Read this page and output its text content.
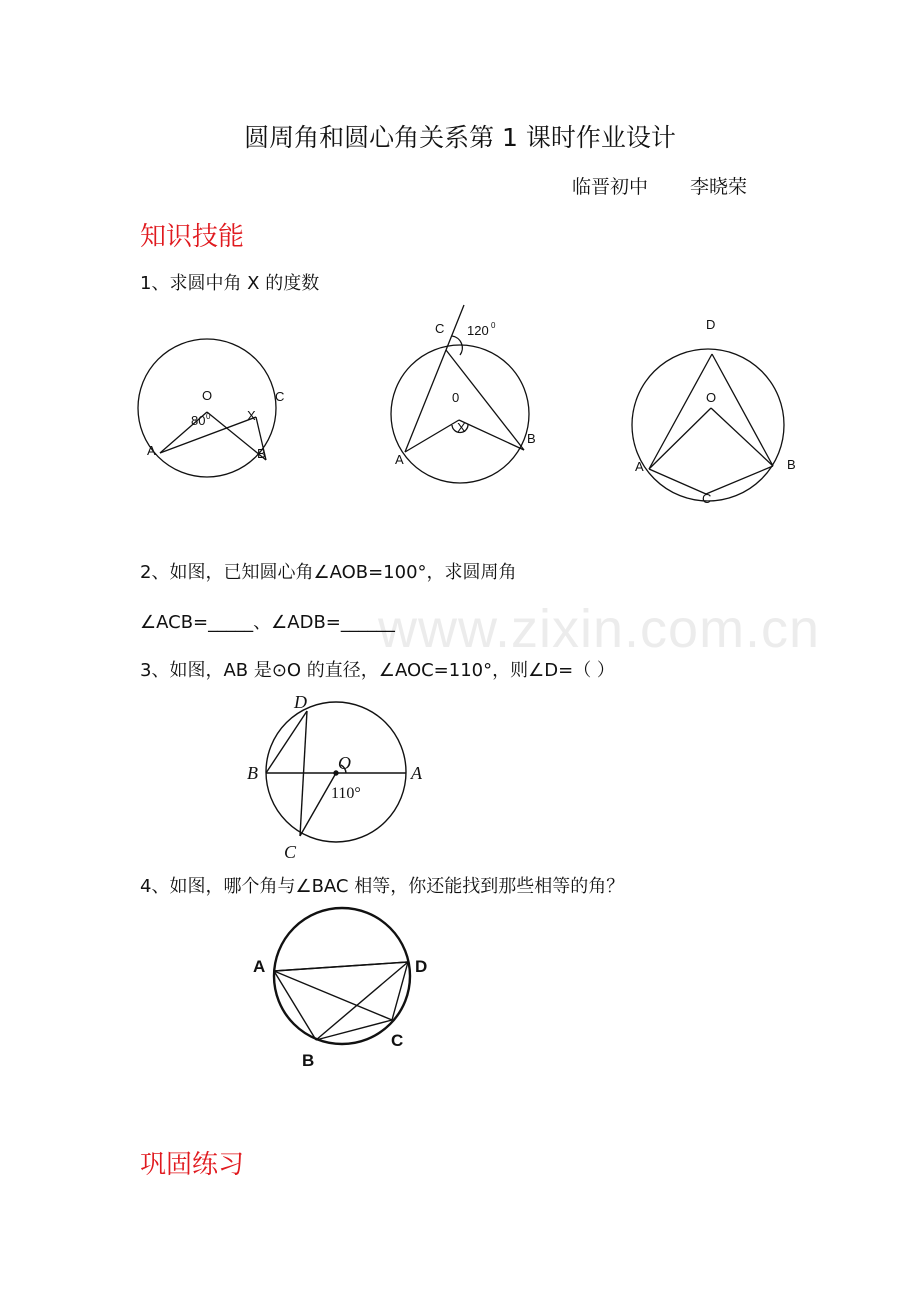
www.zixin.com.cn
圆周角和圆心角关系第 1 课时作业设计
临晋初中 李晓荣
知识技能
1、求圆中角 X 的度数
2、如图，已知圆心角∠AOB=100°，求圆周角
∠ACB=_____、∠ADB=______
3、如图，AB 是⊙O 的直径，∠AOC=110°，则∠D=（ ）
4、如图，哪个角与∠BAC 相等，你还能找到那些相等的角？
巩固练习
O	C
A	B
80 0	X
C 120 0
0
A
B
X
D
O
A	B
C
D
B	A
O
110°
C
A	D
C
B
